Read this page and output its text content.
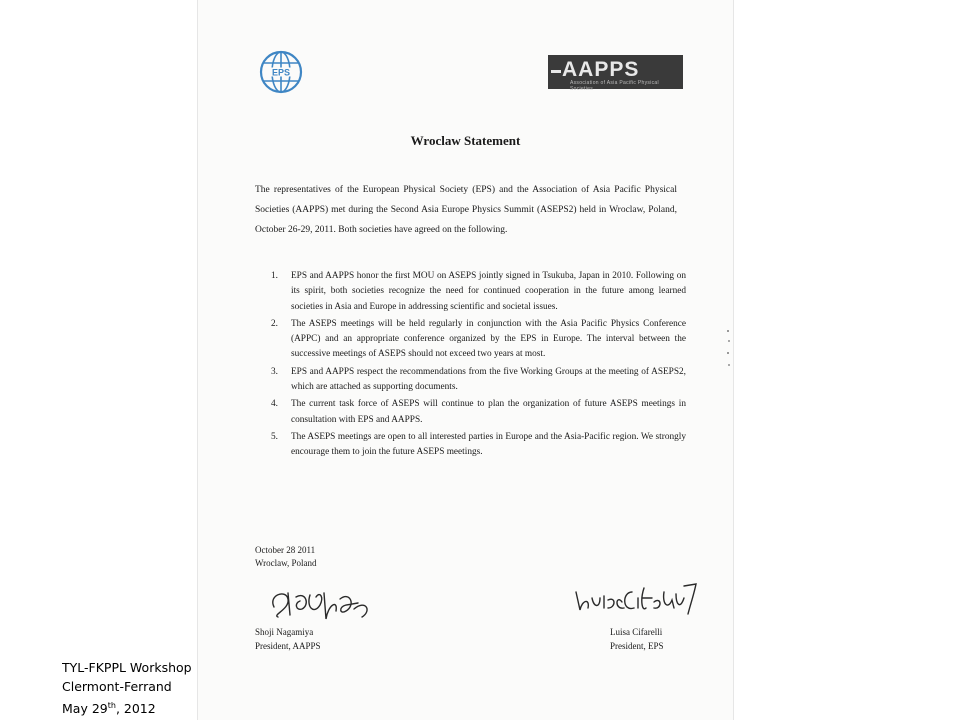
EPS	AAPPS
Association of Asia Pacific Physical Societies
Wroclaw Statement
The representatives of the European Physical Society (EPS) and the Association of Asia Pacific Physical Societies (AAPPS) met during the Second Asia Europe Physics Summit (ASEPS2) held in Wroclaw, Poland, October 26-29, 2011. Both societies have agreed on the following.
1. EPS and AAPPS honor the first MOU on ASEPS jointly signed in Tsukuba, Japan in 2010. Following on its spirit, both societies recognize the need for continued cooperation in the future among learned societies in Asia and Europe in addressing scientific and societal issues.
2. The ASEPS meetings will be held regularly in conjunction with the Asia Pacific Physics Conference (APPC) and an appropriate conference organized by the EPS in Europe. The interval between the successive meetings of ASEPS should not exceed two years at most.
3. EPS and AAPPS respect the recommendations from the five Working Groups at the meeting of ASEPS2, which are attached as supporting documents.
4. The current task force of ASEPS will continue to plan the organization of future ASEPS meetings in consultation with EPS and AAPPS.
5. The ASEPS meetings are open to all interested parties in Europe and the Asia-Pacific region. We strongly encourage them to join the future ASEPS meetings.
October 28 2011
Wroclaw, Poland
Shoji Nagamiya
President, AAPPS
Luisa Cifarelli
President, EPS
TYL-FKPPL Workshop
Clermont-Ferrand
May 29th, 2012
